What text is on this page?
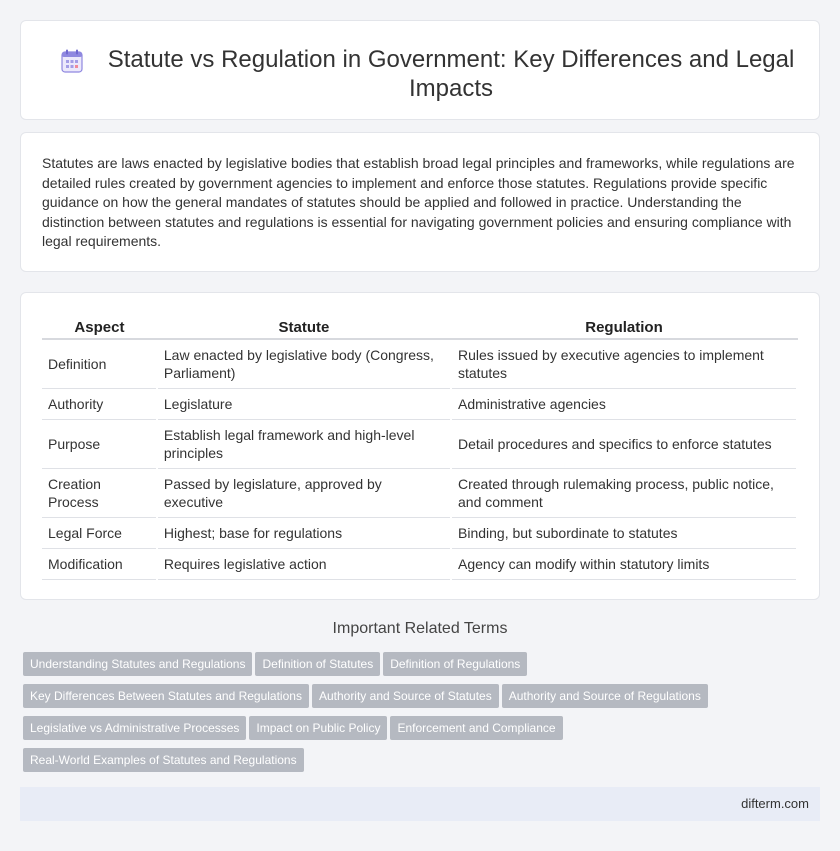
Statute vs Regulation in Government: Key Differences and Legal Impacts

Statutes are laws enacted by legislative bodies that establish broad legal principles and frameworks, while regulations are detailed rules created by government agencies to implement and enforce those statutes. Regulations provide specific guidance on how the general mandates of statutes should be applied and followed in practice. Understanding the distinction between statutes and regulations is essential for navigating government policies and ensuring compliance with legal requirements.

Aspect	Statute	Regulation
Definition	Law enacted by legislative body (Congress, Parliament)	Rules issued by executive agencies to implement statutes
Authority	Legislature	Administrative agencies
Purpose	Establish legal framework and high-level principles	Detail procedures and specifics to enforce statutes
Creation Process	Passed by legislature, approved by executive	Created through rulemaking process, public notice, and comment
Legal Force	Highest; base for regulations	Binding, but subordinate to statutes
Modification	Requires legislative action	Agency can modify within statutory limits
Important Related Terms
Understanding Statutes and Regulations Definition of Statutes Definition of Regulations
Key Differences Between Statutes and Regulations Authority and Source of Statutes Authority and Source of Regulations
Legislative vs Administrative Processes Impact on Public Policy Enforcement and Compliance
Real-World Examples of Statutes and Regulations
difterm.com
